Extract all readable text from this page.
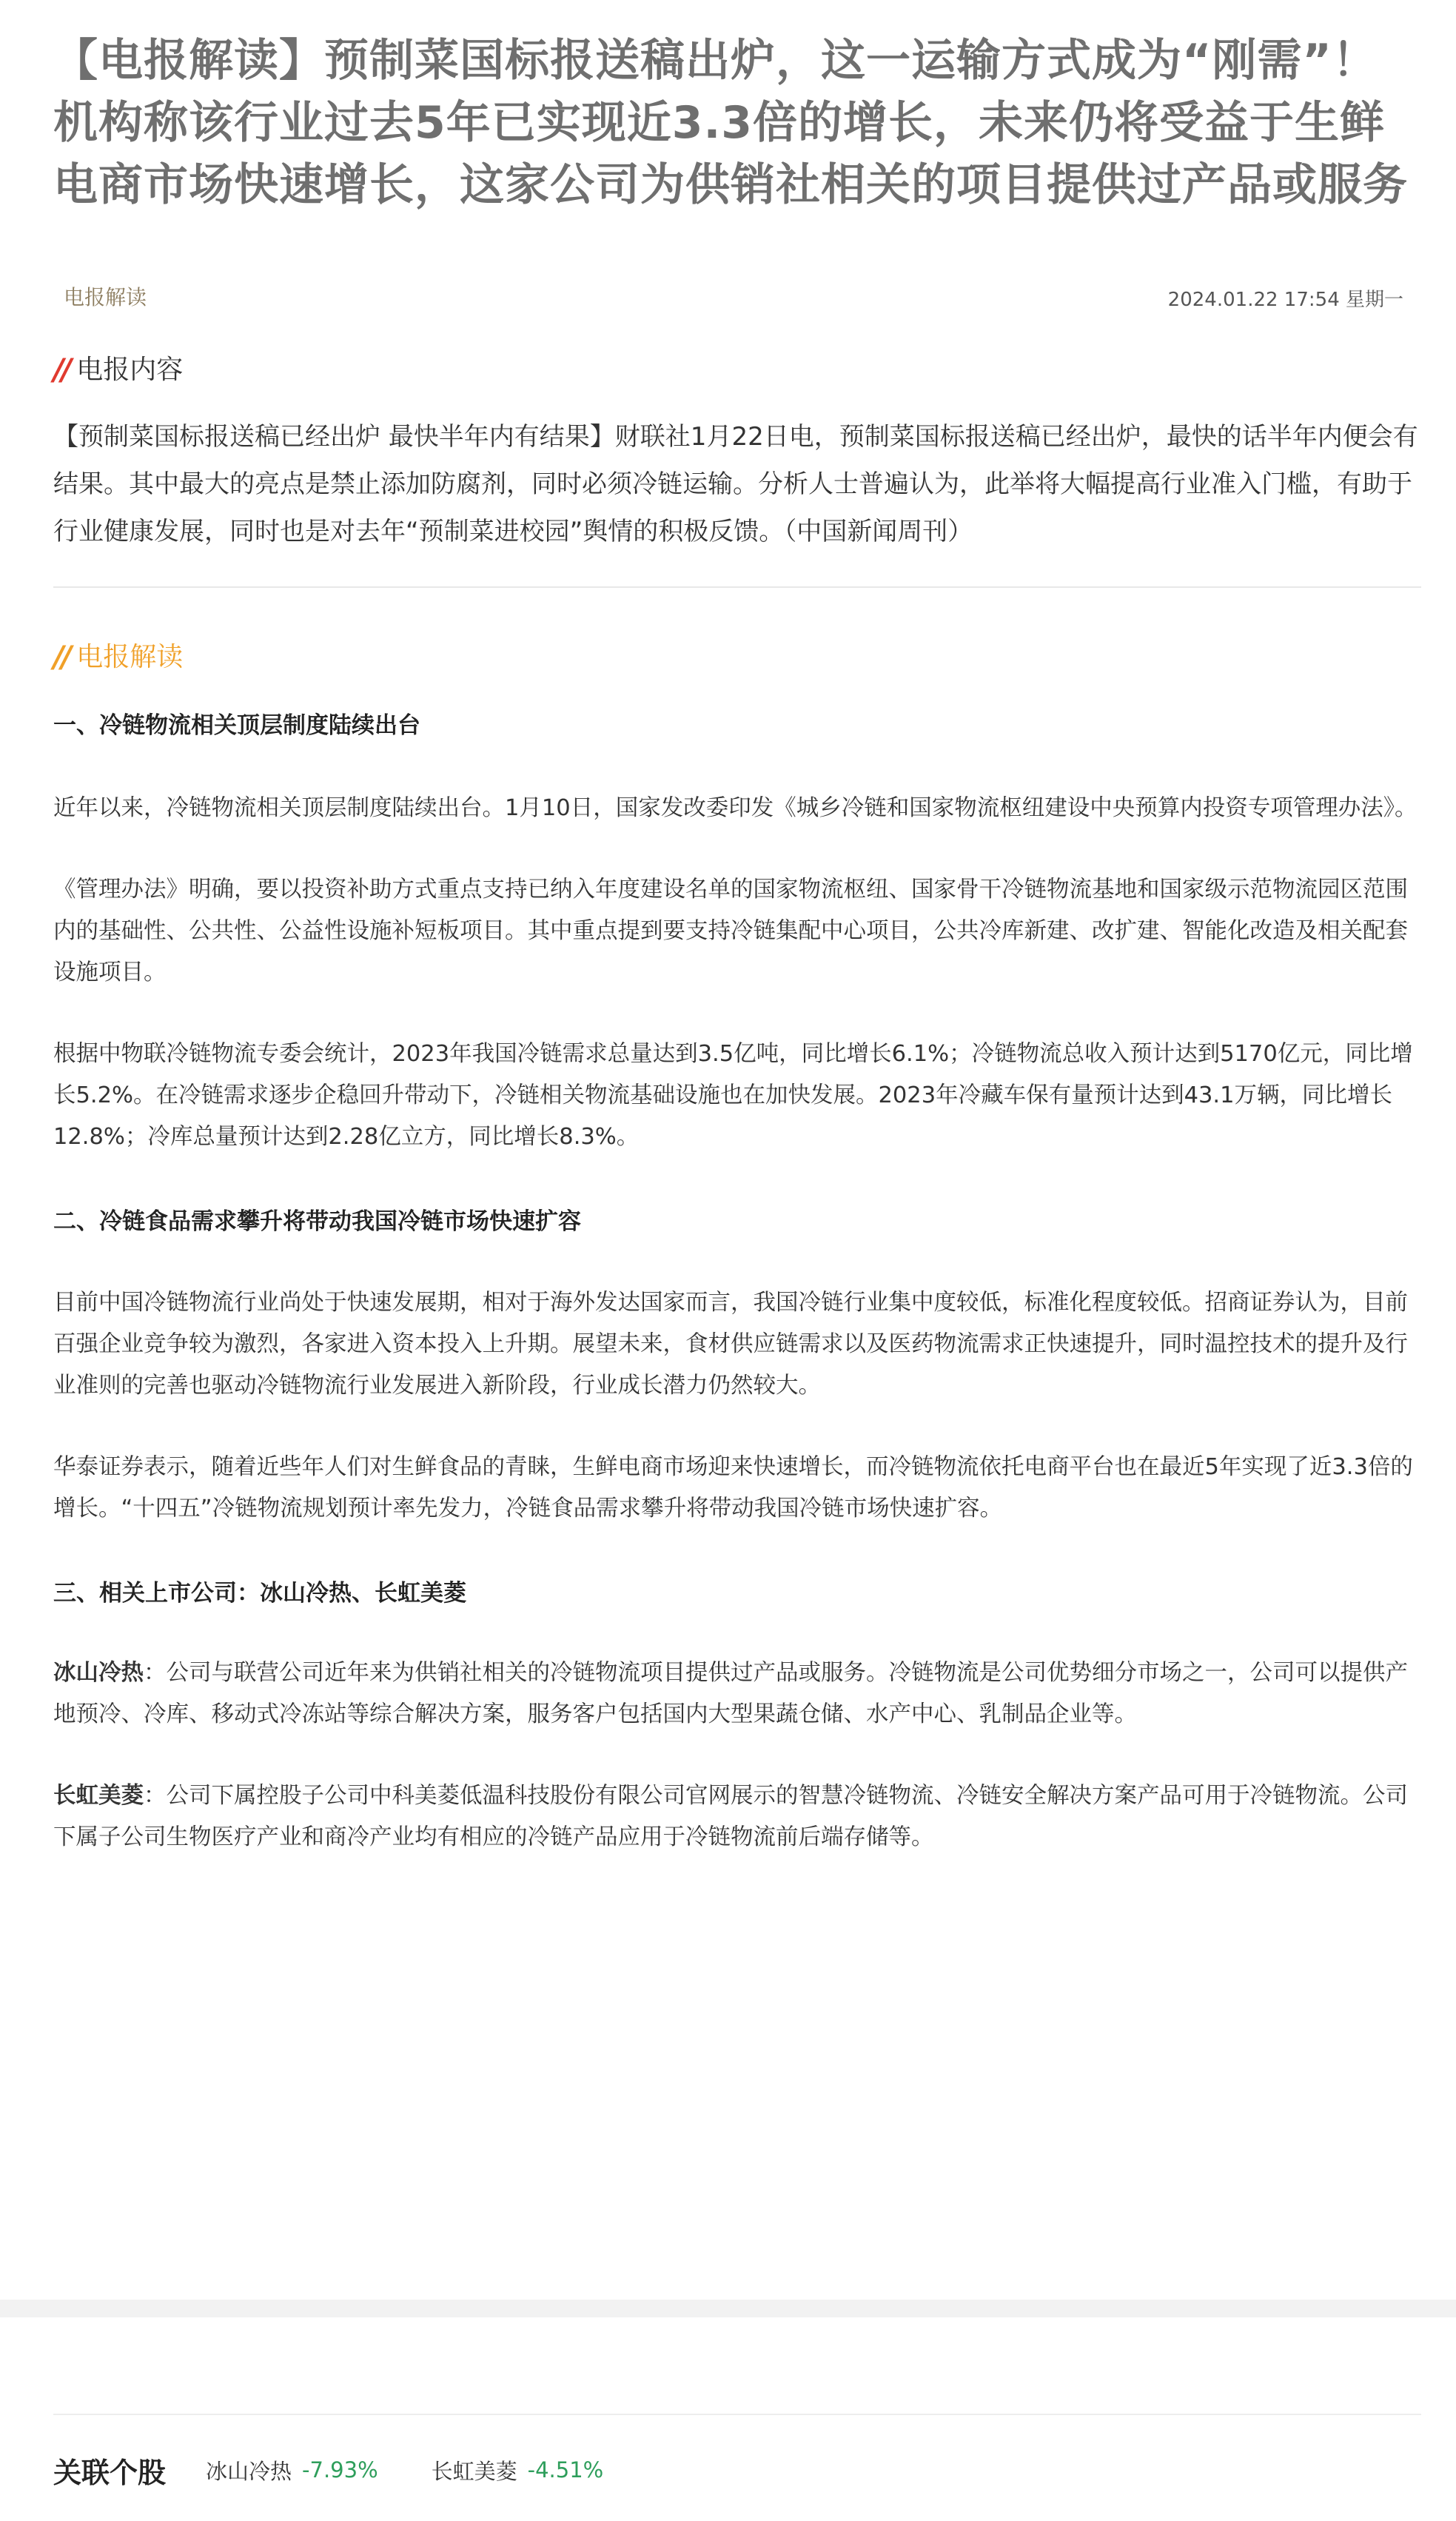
【电报解读】预制菜国标报送稿出炉，这一运输方式成为“刚需”！机构称该行业过去5年已实现近3.3倍的增长，未来仍将受益于生鲜电商市场快速增长，这家公司为供销社相关的项目提供过产品或服务
电报解读	2024.01.22 17:54 星期一
// 电报内容

【预制菜国标报送稿已经出炉 最快半年内有结果】财联社1月22日电，预制菜国标报送稿已经出炉，最快的话半年内便会有结果。其中最大的亮点是禁止添加防腐剂，同时必须冷链运输。分析人士普遍认为，此举将大幅提高行业准入门槛，有助于行业健康发展，同时也是对去年“预制菜进校园”舆情的积极反馈。（中国新闻周刊）

// 电报解读
一、冷链物流相关顶层制度陆续出台

近年以来，冷链物流相关顶层制度陆续出台。1月10日，国家发改委印发《城乡冷链和国家物流枢纽建设中央预算内投资专项管理办法》。

《管理办法》明确，要以投资补助方式重点支持已纳入年度建设名单的国家物流枢纽、国家骨干冷链物流基地和国家级示范物流园区范围内的基础性、公共性、公益性设施补短板项目。其中重点提到要支持冷链集配中心项目，公共冷库新建、改扩建、智能化改造及相关配套设施项目。

根据中物联冷链物流专委会统计，2023年我国冷链需求总量达到3.5亿吨，同比增长6.1%；冷链物流总收入预计达到5170亿元，同比增长5.2%。在冷链需求逐步企稳回升带动下，冷链相关物流基础设施也在加快发展。2023年冷藏车保有量预计达到43.1万辆，同比增长12.8%；冷库总量预计达到2.28亿立方，同比增长8.3%。

二、冷链食品需求攀升将带动我国冷链市场快速扩容

目前中国冷链物流行业尚处于快速发展期，相对于海外发达国家而言，我国冷链行业集中度较低，标准化程度较低。招商证券认为，目前百强企业竞争较为激烈，各家进入资本投入上升期。展望未来，食材供应链需求以及医药物流需求正快速提升，同时温控技术的提升及行业准则的完善也驱动冷链物流行业发展进入新阶段，行业成长潜力仍然较大。

华泰证券表示，随着近些年人们对生鲜食品的青睐，生鲜电商市场迎来快速增长，而冷链物流依托电商平台也在最近5年实现了近3.3倍的增长。“十四五”冷链物流规划预计率先发力，冷链食品需求攀升将带动我国冷链市场快速扩容。

三、相关上市公司：冰山冷热、长虹美菱

冰山冷热：公司与联营公司近年来为供销社相关的冷链物流项目提供过产品或服务。冷链物流是公司优势细分市场之一，公司可以提供产地预冷、冷库、移动式冷冻站等综合解决方案，服务客户包括国内大型果蔬仓储、水产中心、乳制品企业等。

长虹美菱：公司下属控股子公司中科美菱低温科技股份有限公司官网展示的智慧冷链物流、冷链安全解决方案产品可用于冷链物流。公司下属子公司生物医疗产业和商冷产业均有相应的冷链产品应用于冷链物流前后端存储等。

关联个股 冰山冷热 -7.93% 长虹美菱 -4.51%
